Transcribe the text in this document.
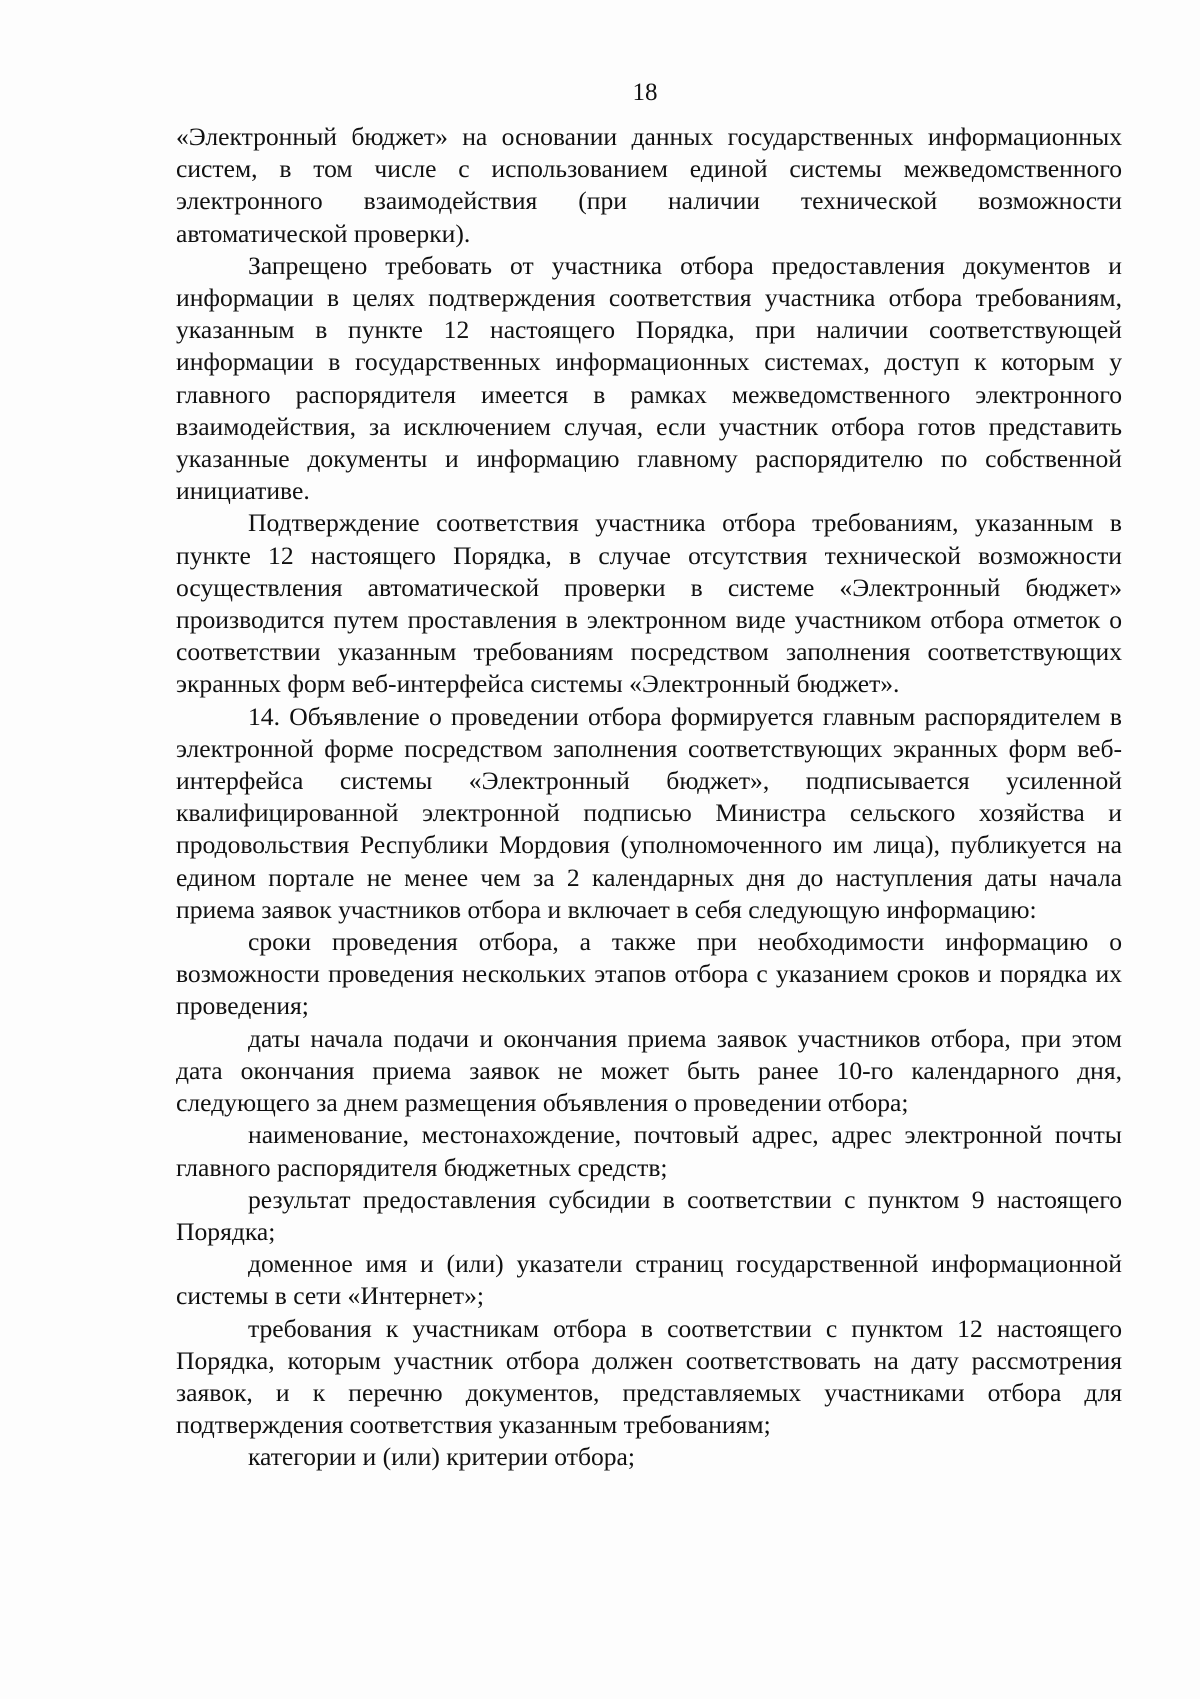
18

«Электронный бюджет» на основании данных государственных информационных систем, в том числе с использованием единой системы межведомственного электронного взаимодействия (при наличии технической возможности автоматической проверки).

Запрещено требовать от участника отбора предоставления документов и информации в целях подтверждения соответствия участника отбора требованиям, указанным в пункте 12 настоящего Порядка, при наличии соответствующей информации в государственных информационных системах, доступ к которым у главного распорядителя имеется в рамках межведомственного электронного взаимодействия, за исключением случая, если участник отбора готов представить указанные документы и информацию главному распорядителю по собственной инициативе.

Подтверждение соответствия участника отбора требованиям, указанным в пункте 12 настоящего Порядка, в случае отсутствия технической возможности осуществления автоматической проверки в системе «Электронный бюджет» производится путем проставления в электронном виде участником отбора отметок о соответствии указанным требованиям посредством заполнения соответствующих экранных форм веб-интерфейса системы «Электронный бюджет».

14. Объявление о проведении отбора формируется главным распорядителем в электронной форме посредством заполнения соответствующих экранных форм веб-интерфейса системы «Электронный бюджет», подписывается усиленной квалифицированной электронной подписью Министра сельского хозяйства и продовольствия Республики Мордовия (уполномоченного им лица), публикуется на едином портале не менее чем за 2 календарных дня до наступления даты начала приема заявок участников отбора и включает в себя следующую информацию:

сроки проведения отбора, а также при необходимости информацию о возможности проведения нескольких этапов отбора с указанием сроков и порядка их проведения;

даты начала подачи и окончания приема заявок участников отбора, при этом дата окончания приема заявок не может быть ранее 10-го календарного дня, следующего за днем размещения объявления о проведении отбора;

наименование, местонахождение, почтовый адрес, адрес электронной почты главного распорядителя бюджетных средств;

результат предоставления субсидии в соответствии с пунктом 9 настоящего Порядка;

доменное имя и (или) указатели страниц государственной информационной системы в сети «Интернет»;

требования к участникам отбора в соответствии с пунктом 12 настоящего Порядка, которым участник отбора должен соответствовать на дату рассмотрения заявок, и к перечню документов, представляемых участниками отбора для подтверждения соответствия указанным требованиям;

категории и (или) критерии отбора;
